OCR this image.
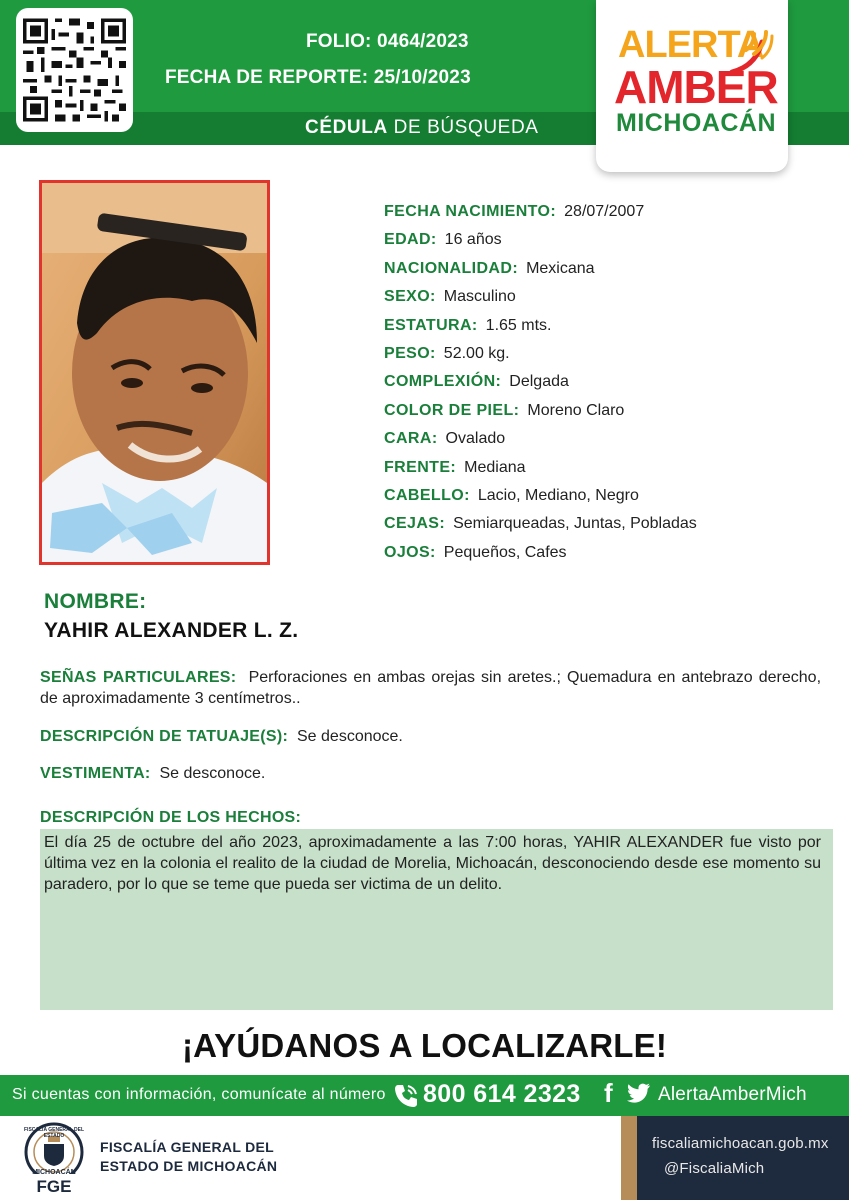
FOLIO: 0464/2023
FECHA DE REPORTE: 25/10/2023
CÉDULA DE BÚSQUEDA
ALERTA
AMBER
MICHOACÁN
FECHA NACIMIENTO: 28/07/2007
EDAD: 16 años
NACIONALIDAD: Mexicana
SEXO: Masculino
ESTATURA: 1.65 mts.
PESO: 52.00 kg.
COMPLEXIÓN: Delgada
COLOR DE PIEL: Moreno Claro
CARA: Ovalado
FRENTE: Mediana
CABELLO: Lacio, Mediano, Negro
CEJAS: Semiarqueadas, Juntas, Pobladas
OJOS: Pequeños, Cafes
NOMBRE:
YAHIR ALEXANDER L. Z.
SEÑAS PARTICULARES: Perforaciones en ambas orejas sin aretes.; Quemadura en antebrazo derecho, de aproximadamente 3 centímetros..
DESCRIPCIÓN DE TATUAJE(S): Se desconoce.
VESTIMENTA: Se desconoce.
DESCRIPCIÓN DE LOS HECHOS:
El día 25 de octubre del año 2023, aproximadamente a las 7:00 horas, YAHIR ALEXANDER fue visto por última vez en la colonia el realito de la ciudad de Morelia, Michoacán, desconociendo desde ese momento su paradero, por lo que se teme que pueda ser victima de un delito.
¡AYÚDANOS A LOCALIZARLE!
Si cuentas con información, comunícate al número 800 614 2323 f AlertaAmberMich
FISCALÍA GENERAL DEL ESTADO
MICHOACÁN
FGE
FISCALÍA GENERAL DEL
ESTADO DE MICHOACÁN
fiscaliamichoacan.gob.mx
@FiscaliaMich
